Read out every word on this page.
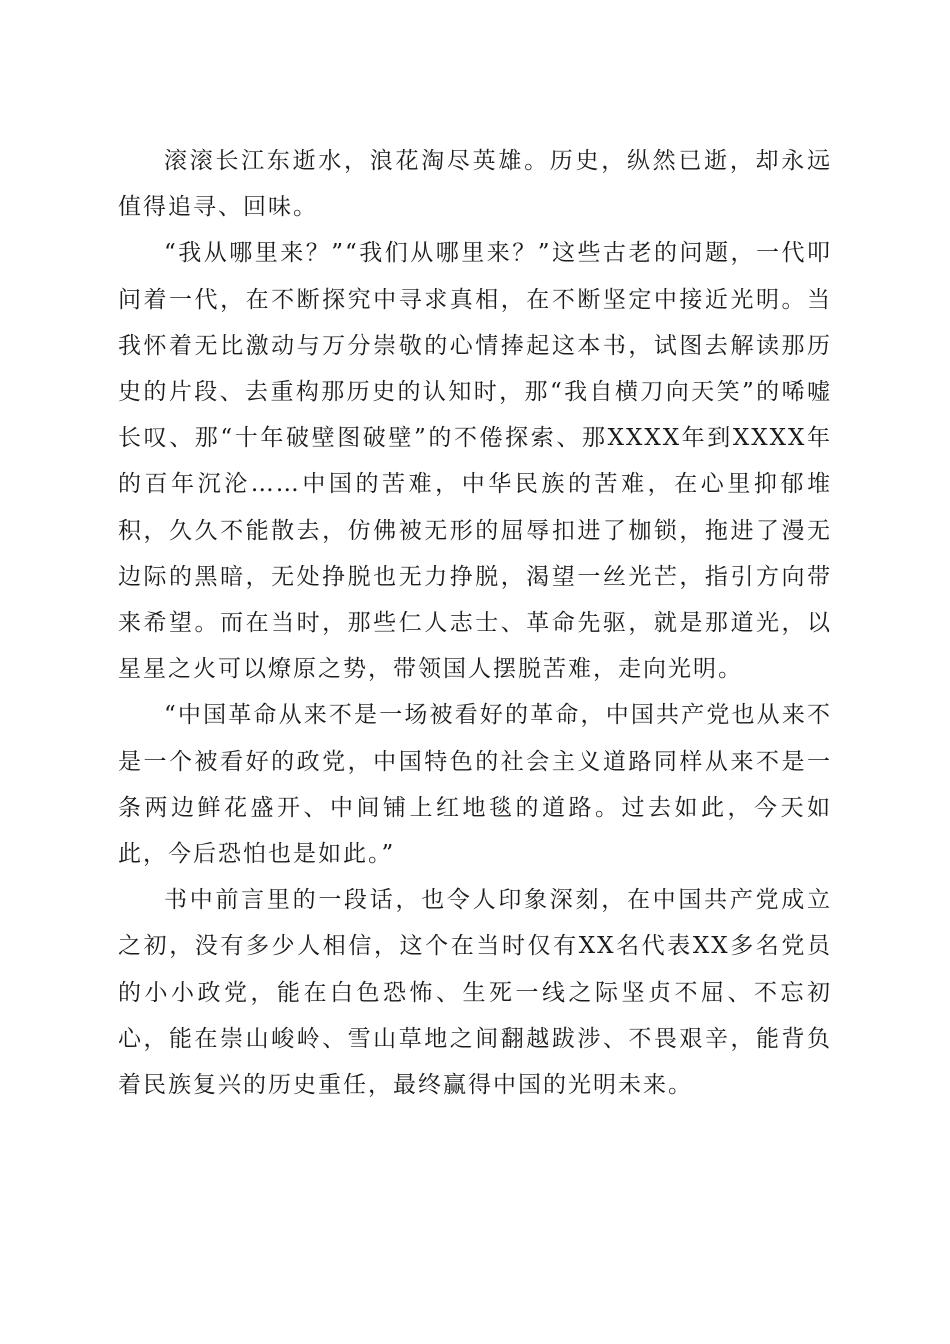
滚滚长江东逝水，浪花淘尽英雄。历史，纵然已逝，却永远值得追寻、回味。

“我从哪里来？”“我们从哪里来？”这些古老的问题，一代叩问着一代，在不断探究中寻求真相，在不断坚定中接近光明。当我怀着无比激动与万分崇敬的心情捧起这本书，试图去解读那历史的片段、去重构那历史的认知时，那“我自横刀向天笑”的唏嘘长叹、那“十年破壁图破壁”的不倦探索、那XXXX年到XXXX年的百年沉沦……中国的苦难，中华民族的苦难，在心里抑郁堆积，久久不能散去，仿佛被无形的屈辱扣进了枷锁，拖进了漫无边际的黑暗，无处挣脱也无力挣脱，渴望一丝光芒，指引方向带来希望。而在当时，那些仁人志士、革命先驱，就是那道光，以星星之火可以燎原之势，带领国人摆脱苦难，走向光明。

“中国革命从来不是一场被看好的革命，中国共产党也从来不是一个被看好的政党，中国特色的社会主义道路同样从来不是一条两边鲜花盛开、中间铺上红地毯的道路。过去如此，今天如此，今后恐怕也是如此。”

书中前言里的一段话，也令人印象深刻，在中国共产党成立之初，没有多少人相信，这个在当时仅有XX名代表XX多名党员的小小政党，能在白色恐怖、生死一线之际坚贞不屈、不忘初心，能在崇山峻岭、雪山草地之间翻越跋涉、不畏艰辛，能背负着民族复兴的历史重任，最终赢得中国的光明未来。
